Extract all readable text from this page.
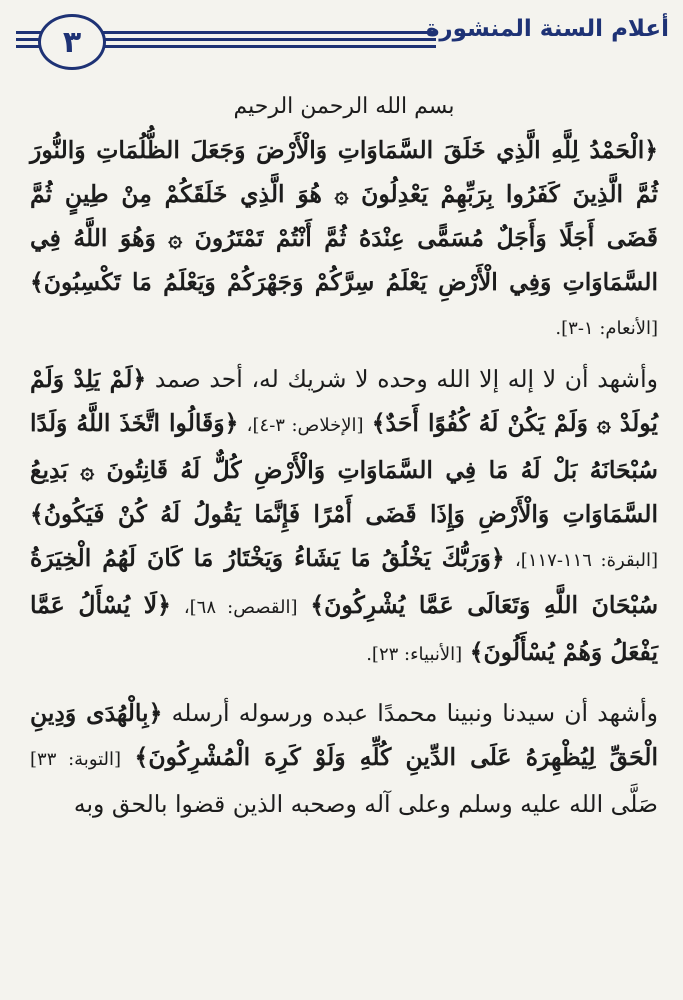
٣	أعلام السنة المنشورة
بسم الله الرحمن الرحيم

﴿الْحَمْدُ لِلَّهِ الَّذِي خَلَقَ السَّمَاوَاتِ وَالْأَرْضَ وَجَعَلَ الظُّلُمَاتِ وَالنُّورَ ثُمَّ الَّذِينَ كَفَرُوا بِرَبِّهِمْ يَعْدِلُونَ ۞ هُوَ الَّذِي خَلَقَكُمْ مِنْ طِينٍ ثُمَّ قَضَى أَجَلًا وَأَجَلٌ مُسَمًّى عِنْدَهُ ثُمَّ أَنْتُمْ تَمْتَرُونَ ۞ وَهُوَ اللَّهُ فِي السَّمَاوَاتِ وَفِي الْأَرْضِ يَعْلَمُ سِرَّكُمْ وَجَهْرَكُمْ وَيَعْلَمُ مَا تَكْسِبُونَ﴾ [الأنعام: ١-٣].

وأشهد أن لا إله إلا الله وحده لا شريك له، أحد صمد ﴿لَمْ يَلِدْ وَلَمْ يُولَدْ ۞ وَلَمْ يَكُنْ لَهُ كُفُوًا أَحَدٌ﴾ [الإخلاص: ٣-٤]، ﴿وَقَالُوا اتَّخَذَ اللَّهُ وَلَدًا سُبْحَانَهُ بَلْ لَهُ مَا فِي السَّمَاوَاتِ وَالْأَرْضِ كُلٌّ لَهُ قَانِتُونَ ۞ بَدِيعُ السَّمَاوَاتِ وَالْأَرْضِ وَإِذَا قَضَى أَمْرًا فَإِنَّمَا يَقُولُ لَهُ كُنْ فَيَكُونُ﴾ [البقرة: ١١٦-١١٧]، ﴿وَرَبُّكَ يَخْلُقُ مَا يَشَاءُ وَيَخْتَارُ مَا كَانَ لَهُمُ الْخِيَرَةُ سُبْحَانَ اللَّهِ وَتَعَالَى عَمَّا يُشْرِكُونَ﴾ [القصص: ٦٨]، ﴿لَا يُسْأَلُ عَمَّا يَفْعَلُ وَهُمْ يُسْأَلُونَ﴾ [الأنبياء: ٢٣].

وأشهد أن سيدنا ونبينا محمدًا عبده ورسوله أرسله ﴿بِالْهُدَى وَدِينِ الْحَقِّ لِيُظْهِرَهُ عَلَى الدِّينِ كُلِّهِ وَلَوْ كَرِهَ الْمُشْرِكُونَ﴾ [التوبة: ٣٣] صَلَّى الله عليه وسلم وعلى آله وصحبه الذين قضوا بالحق وبه
